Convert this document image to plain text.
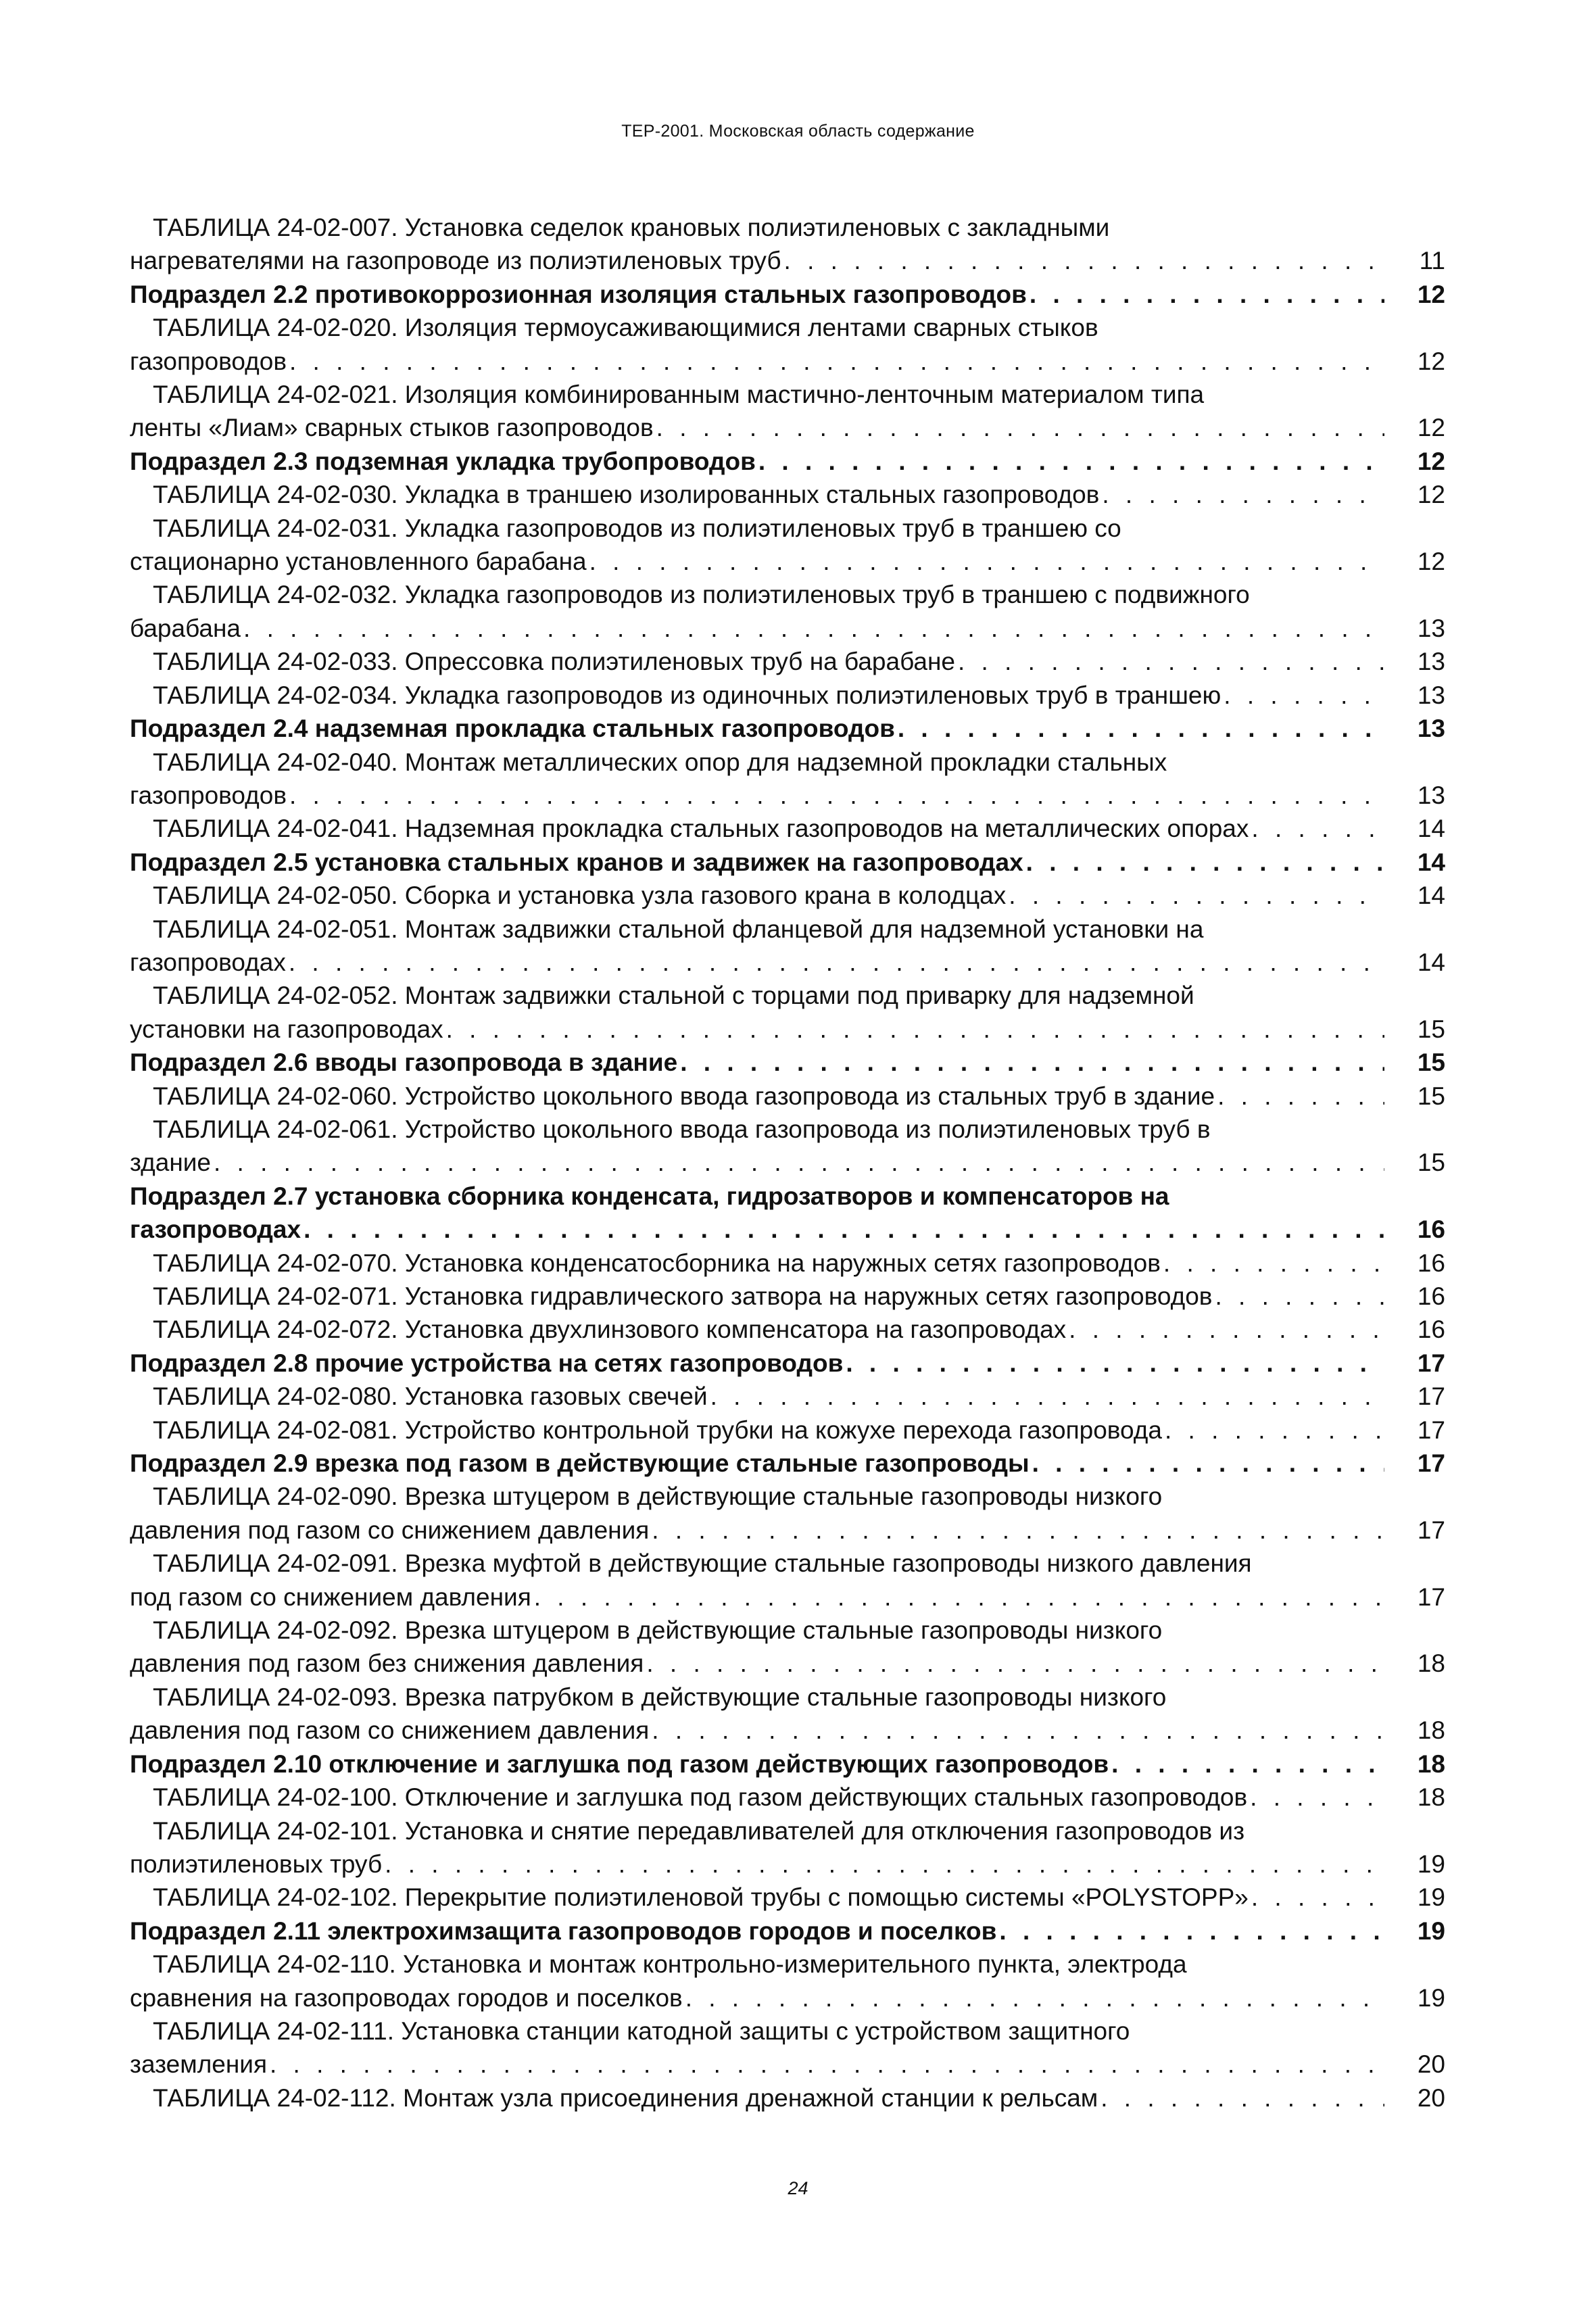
ТЕР-2001. Московская область содержание
ТАБЛИЦА 24-02-007. Установка седелок крановых полиэтиленовых с закладными
нагревателями на газопроводе из полиэтиленовых труб . . .	11
Подраздел 2.2 противокоррозионная изоляция стальных газопроводов . . .	12
ТАБЛИЦА 24-02-020. Изоляция термоусаживающимися лентами сварных стыков
газопроводов . . .	12
ТАБЛИЦА 24-02-021. Изоляция комбинированным мастично-ленточным материалом типа
ленты «Лиам» сварных стыков газопроводов . . .	12
Подраздел 2.3 подземная укладка трубопроводов . . .	12
ТАБЛИЦА 24-02-030. Укладка в траншею изолированных стальных газопроводов . . .	12
ТАБЛИЦА 24-02-031. Укладка газопроводов из полиэтиленовых труб в траншею со
стационарно установленного барабана . . .	12
ТАБЛИЦА 24-02-032. Укладка газопроводов из полиэтиленовых труб в траншею с подвижного
барабана . . .	13
ТАБЛИЦА 24-02-033. Опрессовка полиэтиленовых труб на барабане . . .	13
ТАБЛИЦА 24-02-034. Укладка газопроводов из одиночных полиэтиленовых труб в траншею . . .	13
Подраздел 2.4 надземная прокладка стальных газопроводов . . .	13
ТАБЛИЦА 24-02-040. Монтаж металлических опор для надземной прокладки стальных
газопроводов . . .	13
ТАБЛИЦА 24-02-041. Надземная прокладка стальных газопроводов на металлических опорах . . .	14
Подраздел 2.5 установка стальных кранов и задвижек на газопроводах . . .	14
ТАБЛИЦА 24-02-050. Сборка и установка узла газового крана в колодцах . . .	14
ТАБЛИЦА 24-02-051. Монтаж задвижки стальной фланцевой для надземной установки на
газопроводах . . .	14
ТАБЛИЦА 24-02-052. Монтаж задвижки стальной с торцами под приварку для надземной
установки на газопроводах . . .	15
Подраздел 2.6 вводы газопровода в здание . . .	15
ТАБЛИЦА 24-02-060. Устройство цокольного ввода газопровода из стальных труб в здание . . .	15
ТАБЛИЦА 24-02-061. Устройство цокольного ввода газопровода из полиэтиленовых труб в
здание . . .	15
Подраздел 2.7 установка сборника конденсата, гидрозатворов и компенсаторов на
газопроводах . . .	16
ТАБЛИЦА 24-02-070. Установка конденсатосборника на наружных сетях газопроводов . . .	16
ТАБЛИЦА 24-02-071. Установка гидравлического затвора на наружных сетях газопроводов . . .	16
ТАБЛИЦА 24-02-072. Установка двухлинзового компенсатора на газопроводах . . .	16
Подраздел 2.8 прочие устройства на сетях газопроводов . . .	17
ТАБЛИЦА 24-02-080. Установка газовых свечей . . .	17
ТАБЛИЦА 24-02-081. Устройство контрольной трубки на кожухе перехода газопровода . . .	17
Подраздел 2.9 врезка под газом в действующие стальные газопроводы . . .	17
ТАБЛИЦА 24-02-090. Врезка штуцером в действующие стальные газопроводы низкого
давления под газом со снижением давления . . .	17
ТАБЛИЦА 24-02-091. Врезка муфтой в действующие стальные газопроводы низкого давления
под газом со снижением давления . . .	17
ТАБЛИЦА 24-02-092. Врезка штуцером в действующие стальные газопроводы низкого
давления под газом без снижения давления . . .	18
ТАБЛИЦА 24-02-093. Врезка патрубком в действующие стальные газопроводы низкого
давления под газом со снижением давления . . .	18
Подраздел 2.10 отключение и заглушка под газом действующих газопроводов . . .	18
ТАБЛИЦА 24-02-100. Отключение и заглушка под газом действующих стальных газопроводов . . .	18
ТАБЛИЦА 24-02-101. Установка и снятие передавливателей для отключения газопроводов из
полиэтиленовых труб . . .	19
ТАБЛИЦА 24-02-102. Перекрытие полиэтиленовой трубы с помощью системы «POLYSTOPP» . . .	19
Подраздел 2.11 электрохимзащита газопроводов городов и поселков . . .	19
ТАБЛИЦА 24-02-110. Установка и монтаж контрольно-измерительного пункта, электрода
сравнения на газопроводах городов и поселков . . .	19
ТАБЛИЦА 24-02-111. Установка станции катодной защиты с устройством защитного
заземления . . .	20
ТАБЛИЦА 24-02-112. Монтаж узла присоединения дренажной станции к рельсам . . .	20
24
